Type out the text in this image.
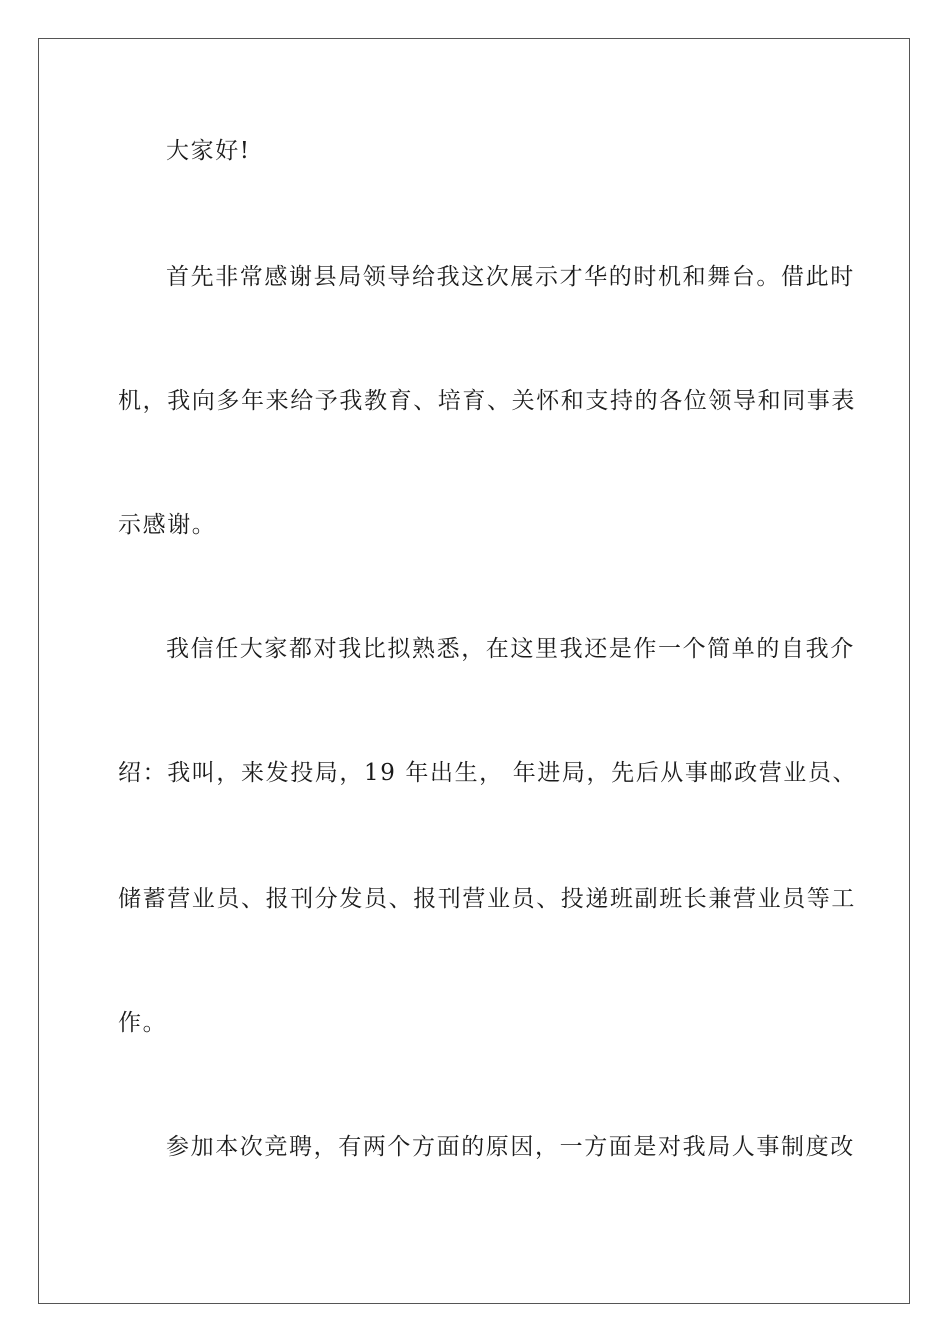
大家好!
首先非常感谢县局领导给我这次展示才华的时机和舞台。借此时
机，我向多年来给予我教育、培育、关怀和支持的各位领导和同事表
示感谢。
我信任大家都对我比拟熟悉，在这里我还是作一个简单的自我介
绍：我叫，来发投局，19 年出生， 年进局，先后从事邮政营业员、
储蓄营业员、报刊分发员、报刊营业员、投递班副班长兼营业员等工
作。
参加本次竞聘，有两个方面的原因，一方面是对我局人事制度改
